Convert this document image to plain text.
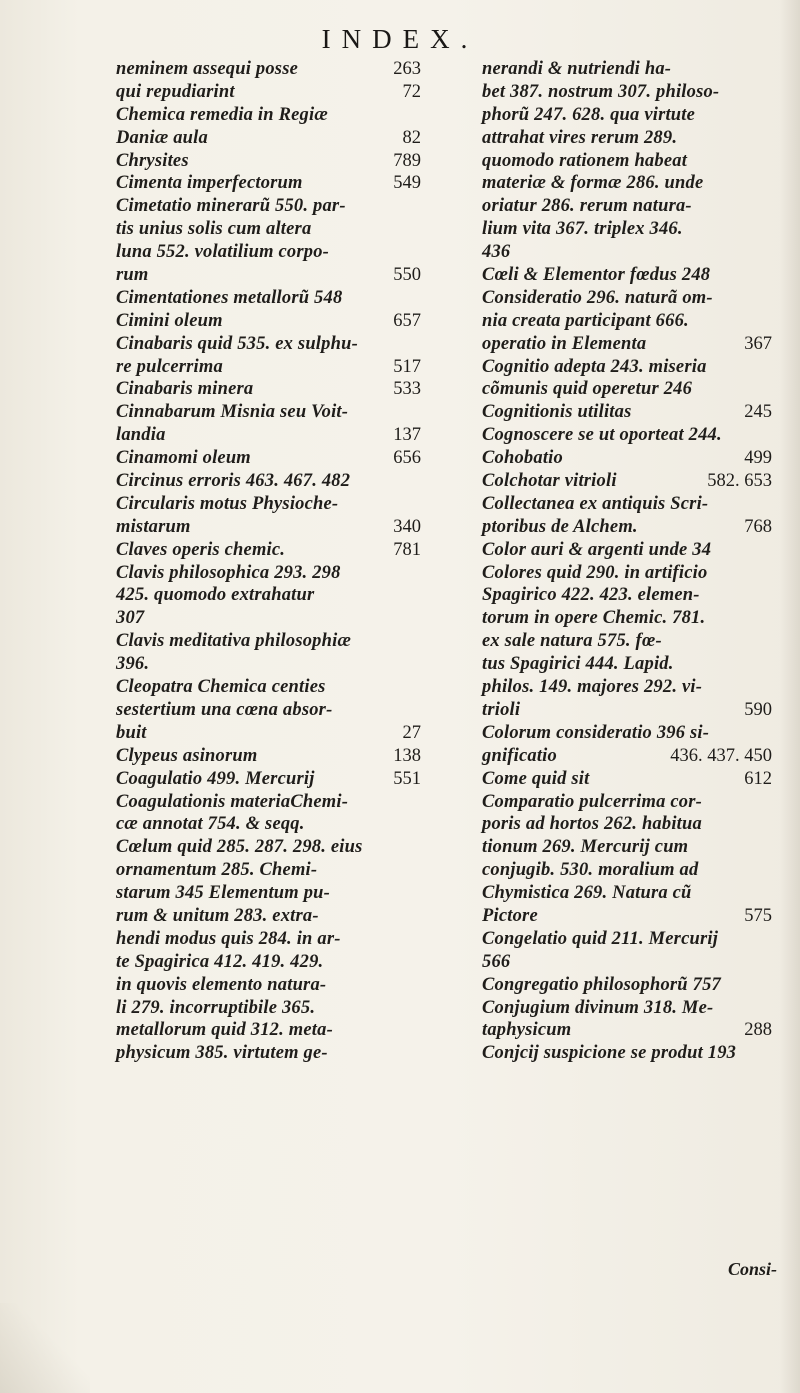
INDEX.
neminem assequi posse	263
qui repudiarint	72
Chemica remedia in Regiæ
Daniæ aula	82
Chrysites	789
Cimenta imperfectorum	549
Cimetatio minerarũ 550. par-
tis unius solis cum altera
luna 552. volatilium corpo-
rum	550
Cimentationes metallorũ 548
Cimini oleum	657
Cinabaris quid 535. ex sulphu-
re pulcerrima	517
Cinabaris minera	533
Cinnabarum Misnia seu Voit-
landia	137
Cinamomi oleum	656
Circinus erroris 463. 467. 482
Circularis motus Physioche-
mistarum	340
Claves operis chemic.	781
Clavis philosophica 293. 298
425. quomodo extrahatur
307
Clavis meditativa philosophiæ
396.
Cleopatra Chemica centies
sestertium una cœna absor-
buit	27
Clypeus asinorum	138
Coagulatio 499. Mercurij	551
Coagulationis materiaChemi-
cæ annotat 754. & seqq.
Cœlum quid 285. 287. 298. eius
ornamentum 285. Chemi-
starum 345 Elementum pu-
rum & unitum 283. extra-
hendi modus quis 284. in ar-
te Spagirica 412. 419. 429.
in quovis elemento natura-
li 279. incorruptibile 365.
metallorum quid 312. meta-
physicum 385. virtutem ge-
nerandi & nutriendi ha-
bet 387. nostrum 307. philoso-
phorũ 247. 628. qua virtute
attrahat vires rerum 289.
quomodo rationem habeat
materiæ & formæ 286. unde
oriatur 286. rerum natura-
lium vita 367. triplex 346.
436
Cœli & Elementor fœdus 248
Consideratio 296. naturã om-
nia creata participant 666.
operatio in Elementa	367
Cognitio adepta 243. miseria
cõmunis quid operetur 246
Cognitionis utilitas	245
Cognoscere se ut oporteat 244.
Cohobatio	499
Colchotar vitrioli	582. 653
Collectanea ex antiquis Scri-
ptoribus de Alchem.	768
Color auri & argenti unde 34
Colores quid 290. in artificio
Spagirico 422. 423. elemen-
torum in opere Chemic. 781.
ex sale natura 575. fœ-
tus Spagirici 444. Lapid.
philos. 149. majores 292. vi-
trioli	590
Colorum consideratio 396 si-
gnificatio	436. 437. 450
Come quid sit	612
Comparatio pulcerrima cor-
poris ad hortos 262. habitua
tionum 269. Mercurij cum
conjugib. 530. moralium ad
Chymistica 269. Natura cũ
Pictore	575
Congelatio quid 211. Mercurij
566
Congregatio philosophorũ 757
Conjugium divinum 318. Me-
taphysicum	288
Conjcij suspicione se produt 193
Consi-
